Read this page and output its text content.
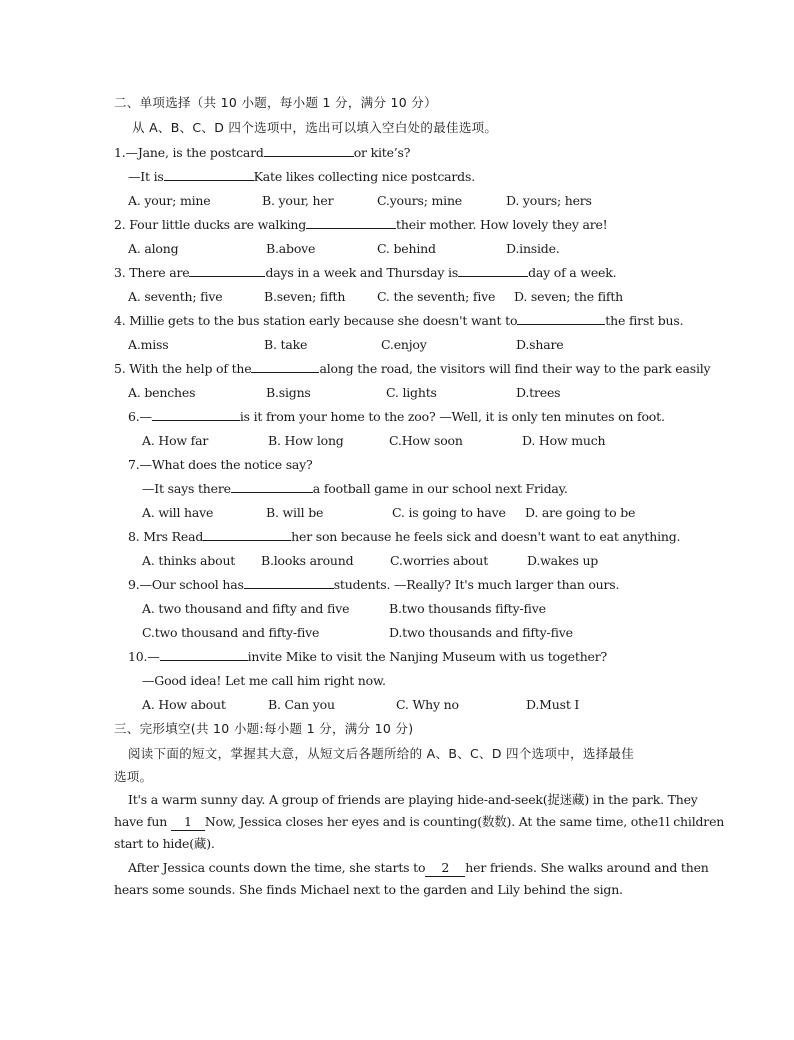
二、单项选择（共 10 小题，每小题 1 分，满分 10 分）
从 A、B、C、D 四个选项中，选出可以填入空白处的最佳选项。
1.—Jane, is the postcard	or kite’s?
—It is	Kate likes collecting nice postcards.
A. your; mine	B. your, her	C.yours; mine	D. yours; hers
2. Four little ducks are walking	their mother. How lovely they are!
A. along	B.above	C. behind	D.inside.
3. There are	days in a week and Thursday is	day of a week.
A. seventh; five	B.seven; fifth	C. the seventh; five D. seven; the fifth
4. Millie gets to the bus station early because she doesn't want to	the first bus.
A.miss	B. take	C.enjoy	D.share
5. With the help of the	along the road, the visitors will find their way to the park easily
A. benches	B.signs	C. lights	D.trees
6.—	is it from your home to the zoo? —Well, it is only ten minutes on foot.
A. How far	B. How long	C.How soon	D. How much
7.—What does the notice say?
—It says there	a football game in our school next Friday.
A. will have	B. will be	C. is going to have D. are going to be
8. Mrs Read	her son because he feels sick and doesn't want to eat anything.
A. thinks about B.looks around	C.worries about	D.wakes up
9.—Our school has	students. —Really? It's much larger than ours.
A. two thousand and fifty and five	B.two thousands fifty-five
C.two thousand and fifty-five	D.two thousands and fifty-five
10.—	invite Mike to visit the Nanjing Museum with us together?
—Good idea! Let me call him right now.
A. How about	B. Can you	C. Why no	D.Must I
三、完形填空(共 10 小题:每小题 1 分，满分 10 分)
阅读下面的短文，掌握其大意，从短文后各题所给的 A、B、C、D 四个选项中，选择最佳
选项。
It's a warm sunny day. A group of friends are playing hide-and-seek(捉迷藏) in the park. They
have fun 1 Now, Jessica closes her eyes and is counting(数数). At the same time, othe1l children
start to hide(藏).
After Jessica counts down the time, she starts to 2 her friends. She walks around and then
hears some sounds. She finds Michael next to the garden and Lily behind the sign.
